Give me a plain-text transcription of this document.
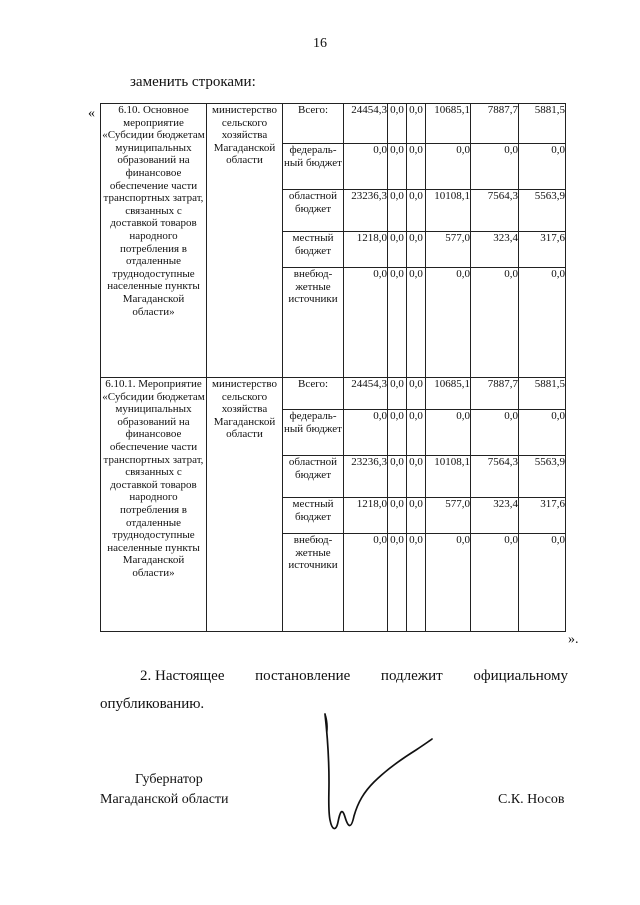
16
заменить строками:
« 6.10. Основное мероприятие «Субсидии бюджетам муниципальных образований на финансовое обеспечение части транспортных затрат, связанных с доставкой товаров народного потребления в отдаленные труднодоступные населенные пункты Магаданской области»	министерство сельского хозяйства Магаданской области	Всего:	24454,3	0,0	0,0	10685,1	7887,7	5881,5
		федераль-ный бюджет	0,0	0,0	0,0	0,0	0,0	0,0
		областной бюджет	23236,3	0,0	0,0	10108,1	7564,3	5563,9
		местный бюджет	1218,0	0,0	0,0	577,0	323,4	317,6
		внебюд-жетные источники	0,0	0,0	0,0	0,0	0,0	0,0
6.10.1. Мероприятие «Субсидии бюджетам муниципальных образований на финансовое обеспечение части транспортных затрат, связанных с доставкой товаров народного потребления в отдаленные труднодоступные населенные пункты Магаданской области»	министерство сельского хозяйства Магаданской области	Всего:	24454,3	0,0	0,0	10685,1	7887,7	5881,5
		федераль-ный бюджет	0,0	0,0	0,0	0,0	0,0	0,0
		областной бюджет	23236,3	0,0	0,0	10108,1	7564,3	5563,9
		местный бюджет	1218,0	0,0	0,0	577,0	323,4	317,6
		внебюд-жетные источники	0,0	0,0	0,0	0,0	0,0	0,0
».
2. Настоящее постановление подлежит официальному
опубликованию.
Губернатор
Магаданской области	С.К. Носов
